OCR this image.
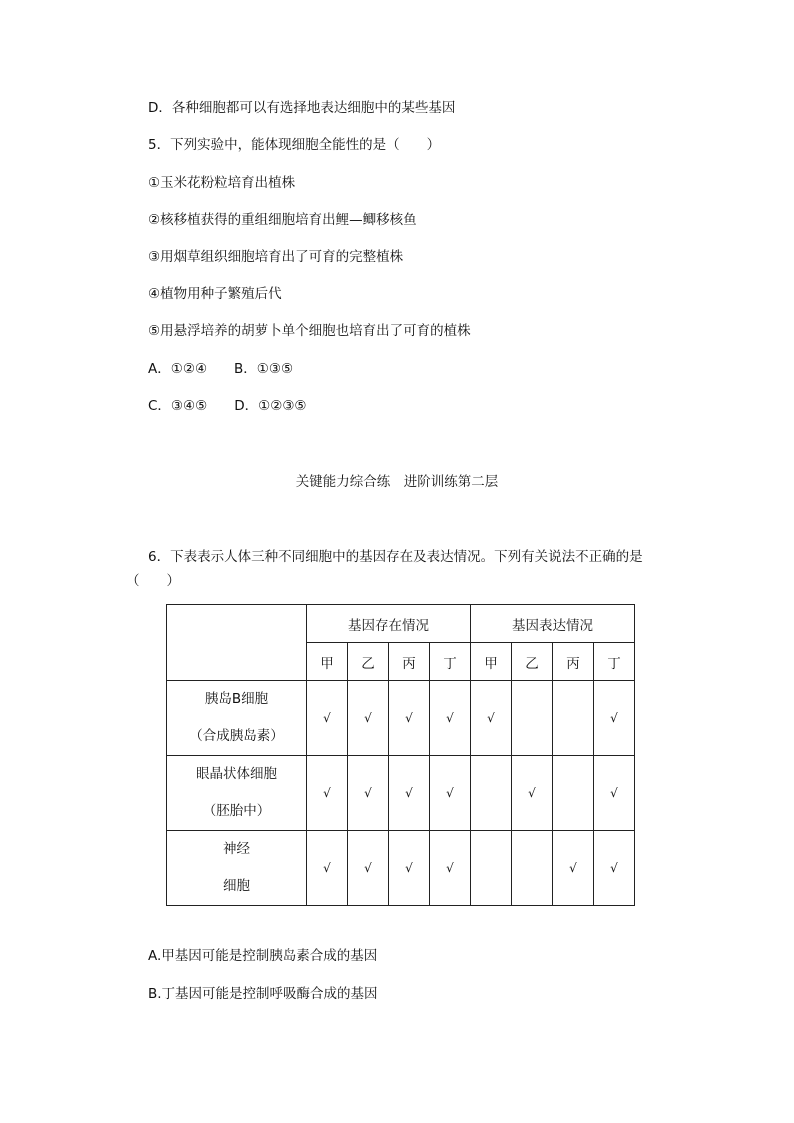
D．各种细胞都可以有选择地表达细胞中的某些基因
5．下列实验中，能体现细胞全能性的是（　　）
①玉米花粉粒培育出植株
②核移植获得的重组细胞培育出鲤—鲫移核鱼
③用烟草组织细胞培育出了可育的完整植株
④植物用种子繁殖后代
⑤用悬浮培养的胡萝卜单个细胞也培育出了可育的植株
A．①②④　　B．①③⑤
C．③④⑤　　D．①②③⑤
关键能力综合练　进阶训练第二层
6．下表表示人体三种不同细胞中的基因存在及表达情况。下列有关说法不正确的是（　　）
	基因存在情况				基因表达情况			
	甲	乙	丙	丁	甲	乙	丙	丁

胰岛B细胞
（合成胰岛素）	√	√	√	√	√			√

眼晶状体细胞
（胚胎中）	√	√	√	√		√		√

神经
细胞	√	√	√	√			√	√
A.甲基因可能是控制胰岛素合成的基因
B.丁基因可能是控制呼吸酶合成的基因
